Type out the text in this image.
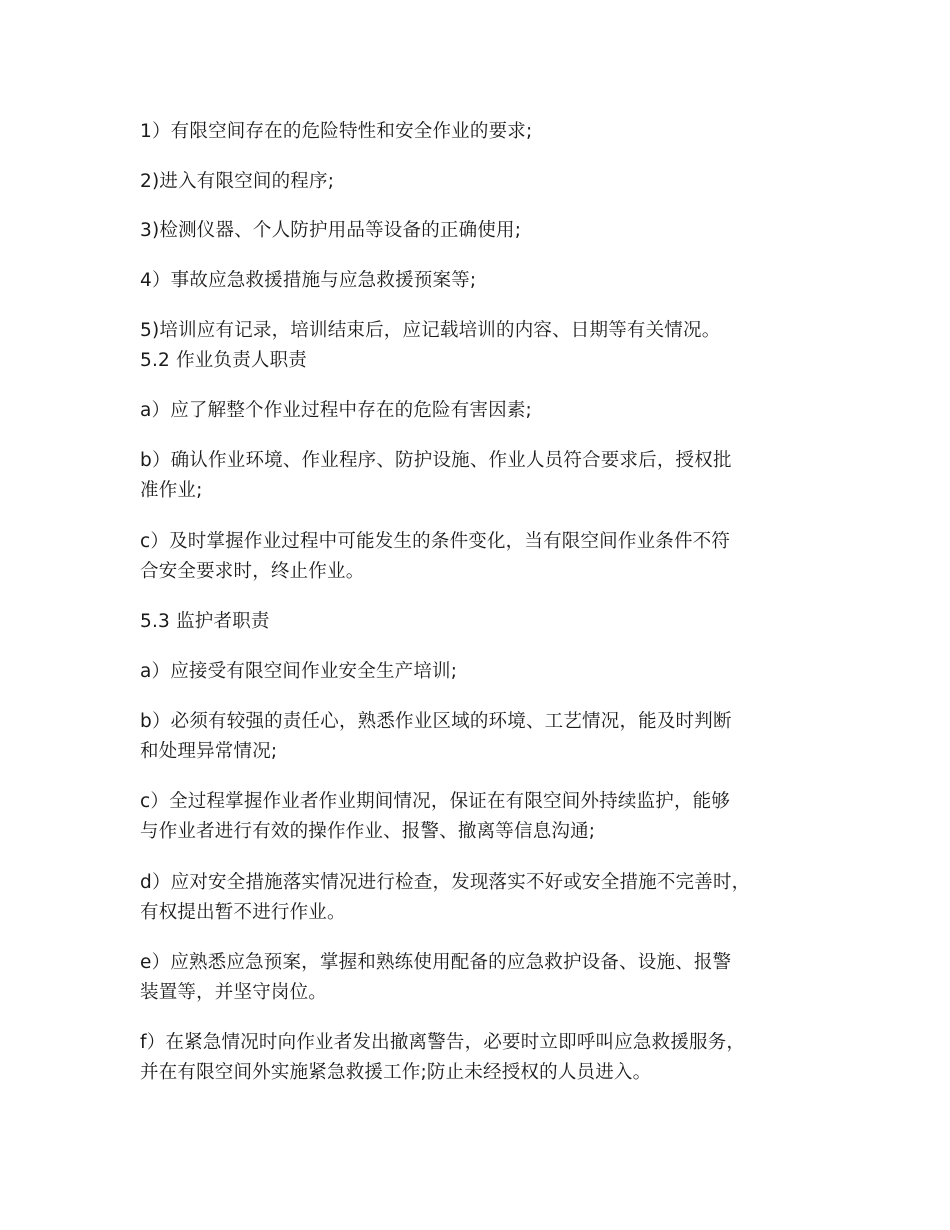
1）有限空间存在的危险特性和安全作业的要求;
2)进入有限空间的程序;
3)检测仪器、个人防护用品等设备的正确使用;
4）事故应急救援措施与应急救援预案等;
5)培训应有记录，培训结束后，应记载培训的内容、日期等有关情况。
5.2 作业负责人职责
a）应了解整个作业过程中存在的危险有害因素;
b）确认作业环境、作业程序、防护设施、作业人员符合要求后，授权批
准作业;
c）及时掌握作业过程中可能发生的条件变化，当有限空间作业条件不符
合安全要求时，终止作业。
5.3 监护者职责
a）应接受有限空间作业安全生产培训;
b）必须有较强的责任心，熟悉作业区域的环境、工艺情况，能及时判断
和处理异常情况;
c）全过程掌握作业者作业期间情况，保证在有限空间外持续监护，能够
与作业者进行有效的操作作业、报警、撤离等信息沟通;
d）应对安全措施落实情况进行检查，发现落实不好或安全措施不完善时，
有权提出暂不进行作业。
e）应熟悉应急预案，掌握和熟练使用配备的应急救护设备、设施、报警
装置等，并坚守岗位。
f）在紧急情况时向作业者发出撤离警告，必要时立即呼叫应急救援服务，
并在有限空间外实施紧急救援工作;防止未经授权的人员进入。
